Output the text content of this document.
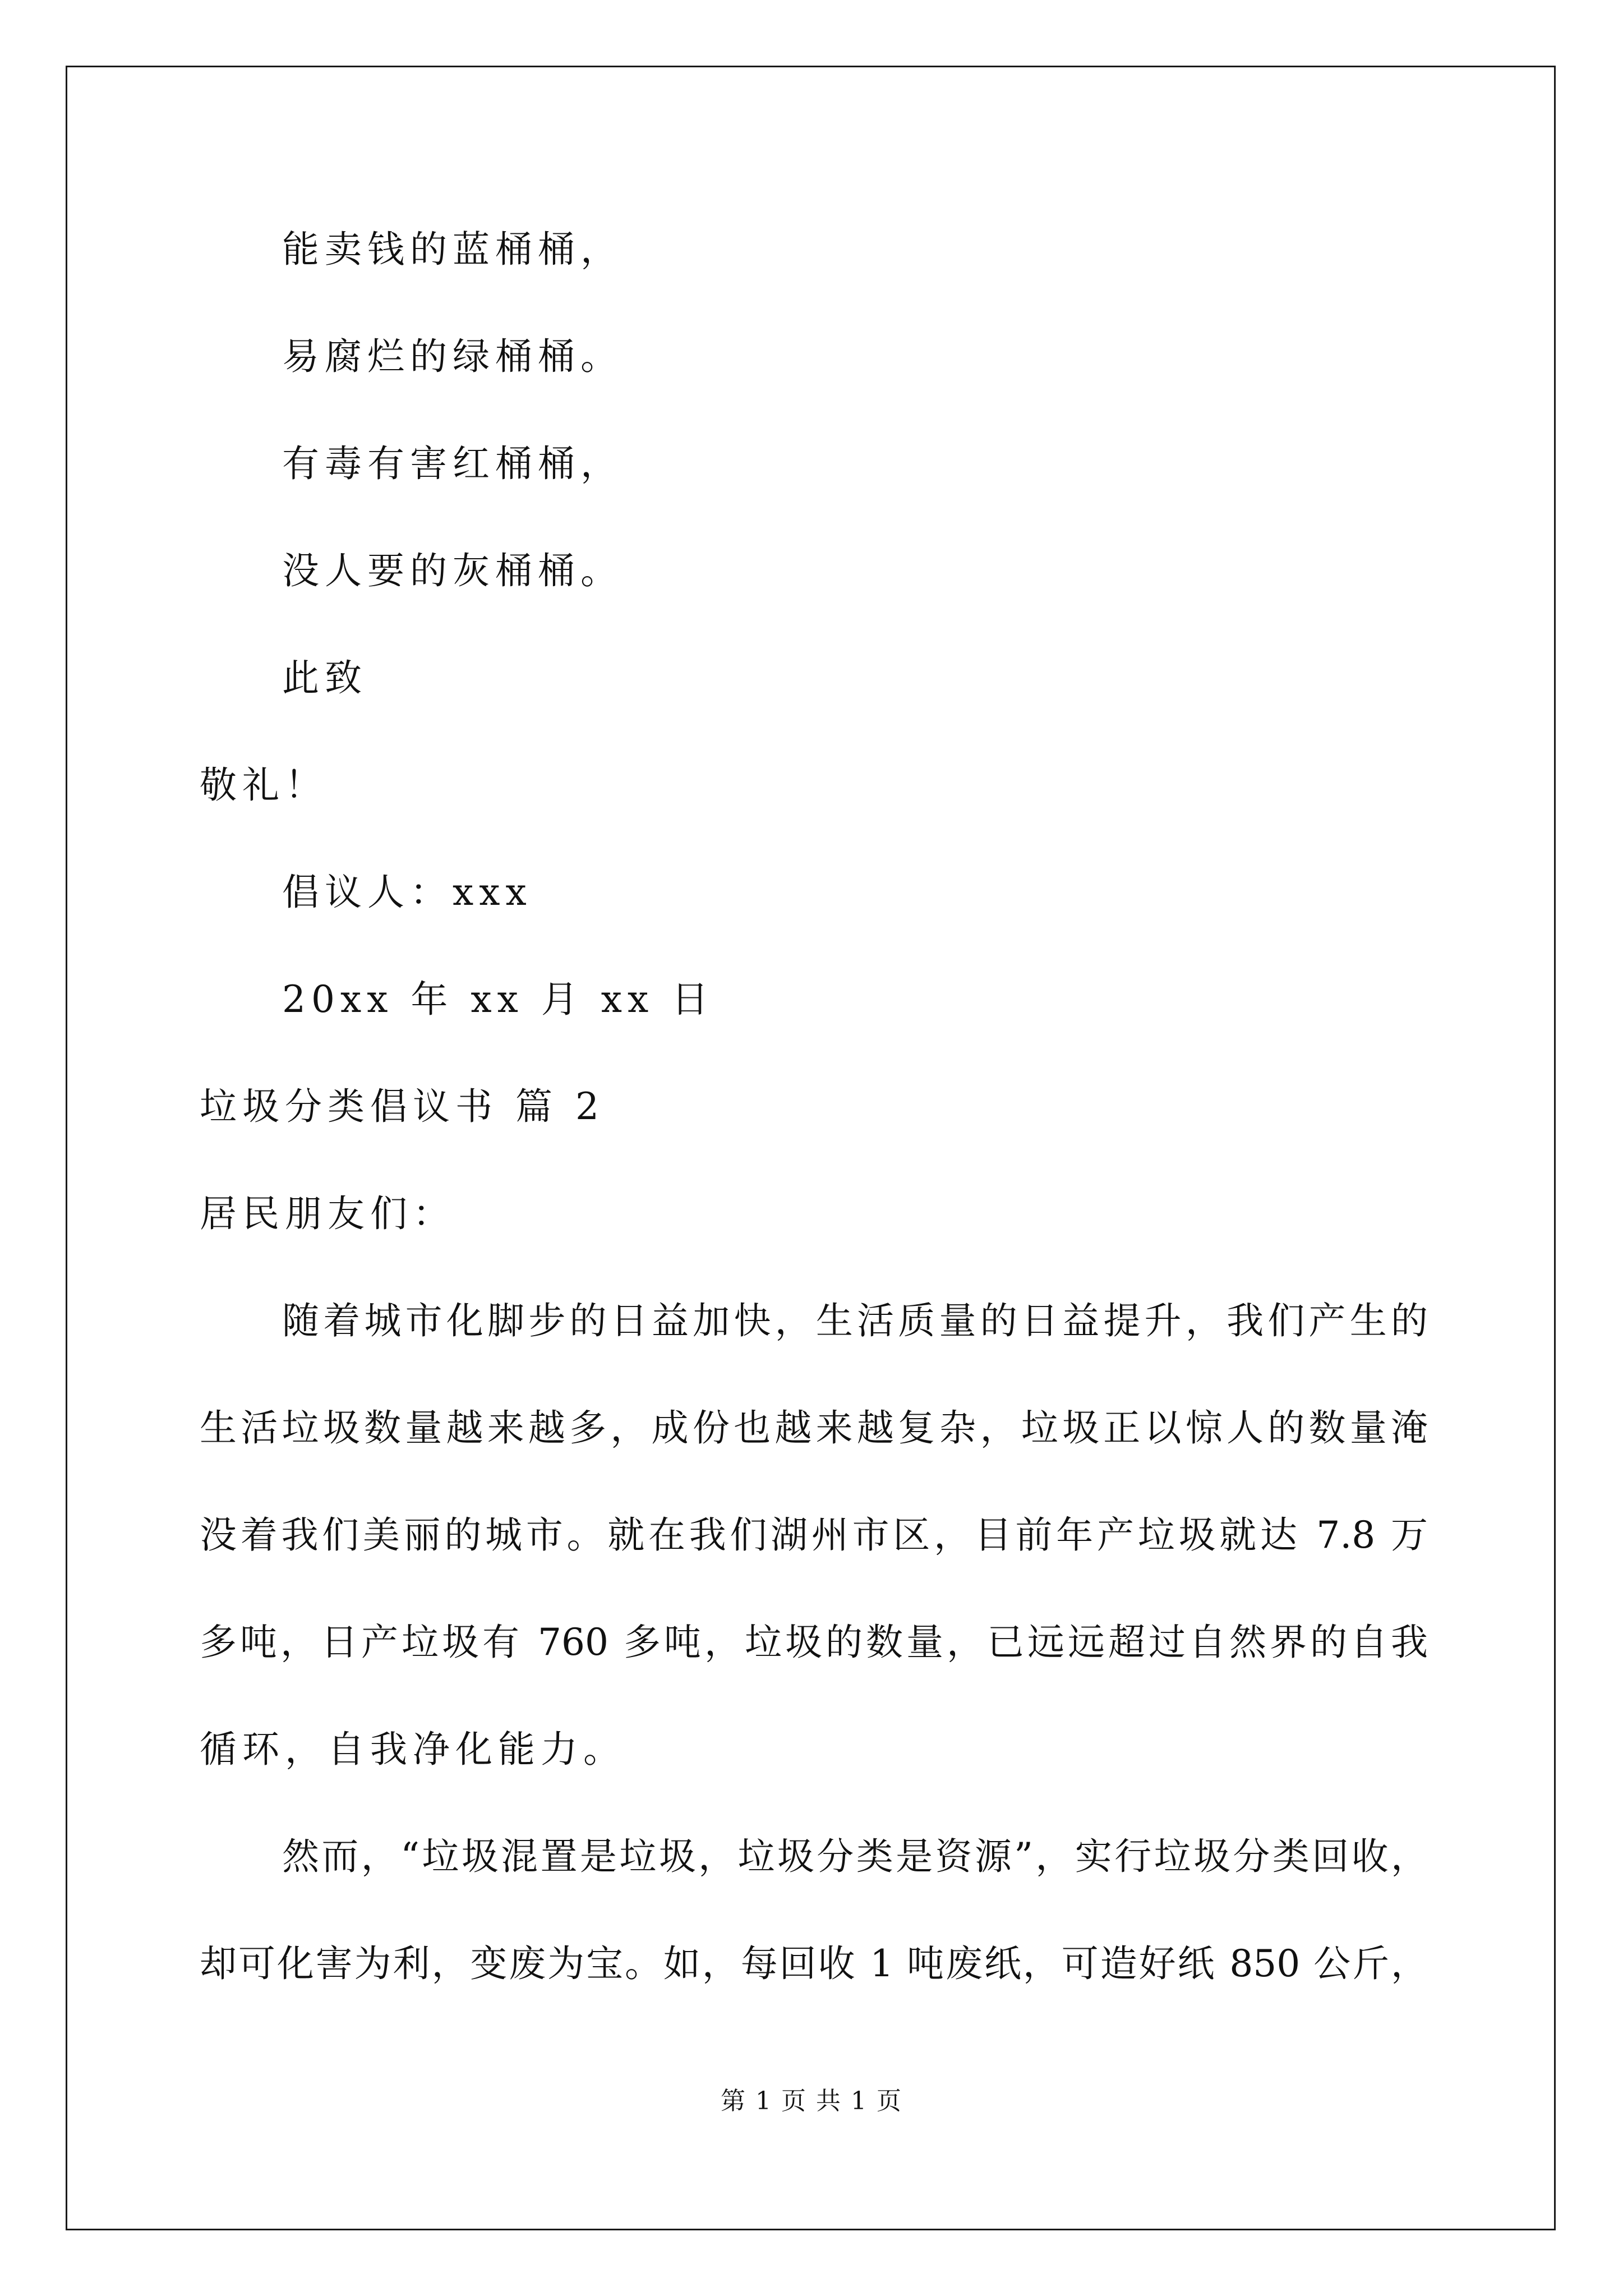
能卖钱的蓝桶桶，
易腐烂的绿桶桶。
有毒有害红桶桶，
没人要的灰桶桶。
此致
敬礼！
倡议人：xxx
20xx 年 xx 月 xx 日
垃圾分类倡议书 篇 2
居民朋友们：
随着城市化脚步的日益加快，生活质量的日益提升，我们产生的
生活垃圾数量越来越多，成份也越来越复杂，垃圾正以惊人的数量淹
没着我们美丽的城市。就在我们湖州市区，目前年产垃圾就达 7.8 万
多吨，日产垃圾有 760 多吨，垃圾的数量，已远远超过自然界的自我
循环，自我净化能力。
然而，“垃圾混置是垃圾，垃圾分类是资源”，实行垃圾分类回收，
却可化害为利，变废为宝。如，每回收 1 吨废纸，可造好纸 850 公斤，
第 1 页 共 1 页
